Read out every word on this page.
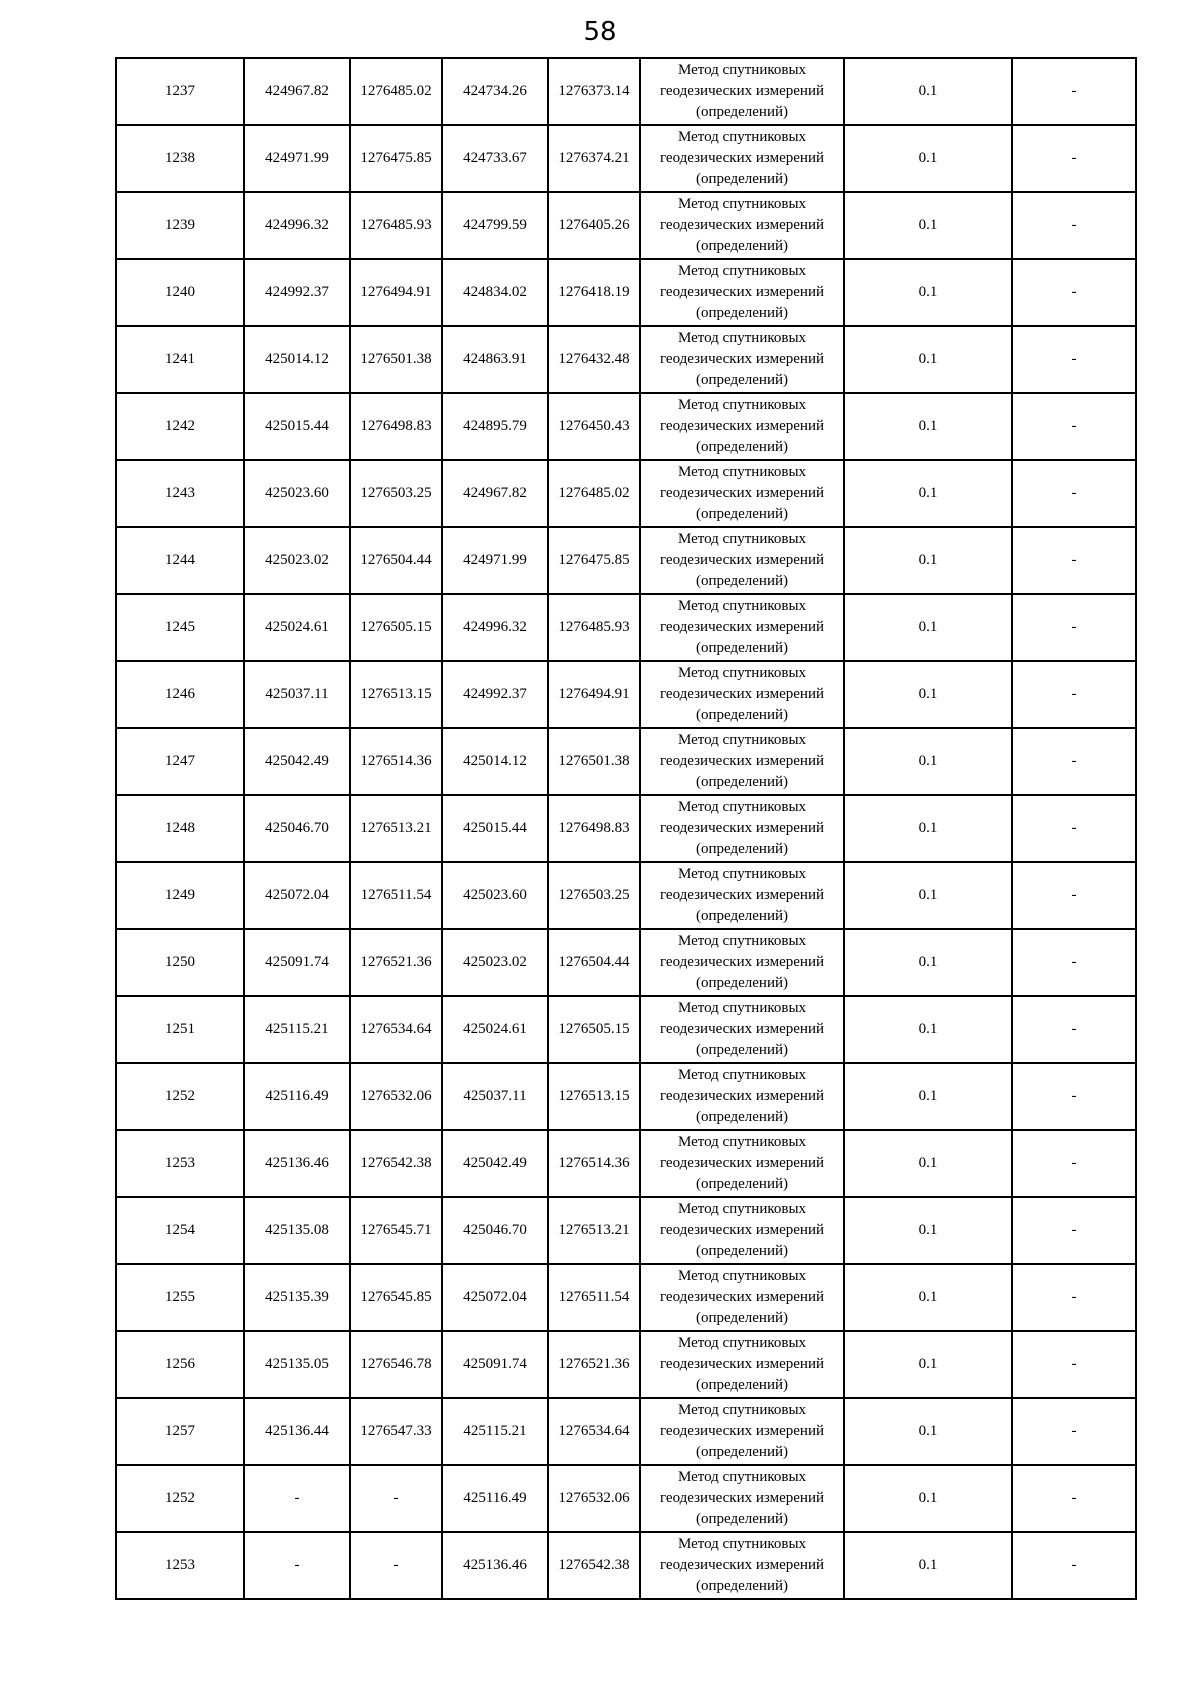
58
1237	424967.82	1276485.02	424734.26	1276373.14	Метод спутниковых
геодезических измерений
(определений)	0.1	-
1238	424971.99	1276475.85	424733.67	1276374.21	Метод спутниковых
геодезических измерений
(определений)	0.1	-
1239	424996.32	1276485.93	424799.59	1276405.26	Метод спутниковых
геодезических измерений
(определений)	0.1	-
1240	424992.37	1276494.91	424834.02	1276418.19	Метод спутниковых
геодезических измерений
(определений)	0.1	-
1241	425014.12	1276501.38	424863.91	1276432.48	Метод спутниковых
геодезических измерений
(определений)	0.1	-
1242	425015.44	1276498.83	424895.79	1276450.43	Метод спутниковых
геодезических измерений
(определений)	0.1	-
1243	425023.60	1276503.25	424967.82	1276485.02	Метод спутниковых
геодезических измерений
(определений)	0.1	-
1244	425023.02	1276504.44	424971.99	1276475.85	Метод спутниковых
геодезических измерений
(определений)	0.1	-
1245	425024.61	1276505.15	424996.32	1276485.93	Метод спутниковых
геодезических измерений
(определений)	0.1	-
1246	425037.11	1276513.15	424992.37	1276494.91	Метод спутниковых
геодезических измерений
(определений)	0.1	-
1247	425042.49	1276514.36	425014.12	1276501.38	Метод спутниковых
геодезических измерений
(определений)	0.1	-
1248	425046.70	1276513.21	425015.44	1276498.83	Метод спутниковых
геодезических измерений
(определений)	0.1	-
1249	425072.04	1276511.54	425023.60	1276503.25	Метод спутниковых
геодезических измерений
(определений)	0.1	-
1250	425091.74	1276521.36	425023.02	1276504.44	Метод спутниковых
геодезических измерений
(определений)	0.1	-
1251	425115.21	1276534.64	425024.61	1276505.15	Метод спутниковых
геодезических измерений
(определений)	0.1	-
1252	425116.49	1276532.06	425037.11	1276513.15	Метод спутниковых
геодезических измерений
(определений)	0.1	-
1253	425136.46	1276542.38	425042.49	1276514.36	Метод спутниковых
геодезических измерений
(определений)	0.1	-
1254	425135.08	1276545.71	425046.70	1276513.21	Метод спутниковых
геодезических измерений
(определений)	0.1	-
1255	425135.39	1276545.85	425072.04	1276511.54	Метод спутниковых
геодезических измерений
(определений)	0.1	-
1256	425135.05	1276546.78	425091.74	1276521.36	Метод спутниковых
геодезических измерений
(определений)	0.1	-
1257	425136.44	1276547.33	425115.21	1276534.64	Метод спутниковых
геодезических измерений
(определений)	0.1	-
1252	-	-	425116.49	1276532.06	Метод спутниковых
геодезических измерений
(определений)	0.1	-
1253	-	-	425136.46	1276542.38	Метод спутниковых
геодезических измерений
(определений)	0.1	-
